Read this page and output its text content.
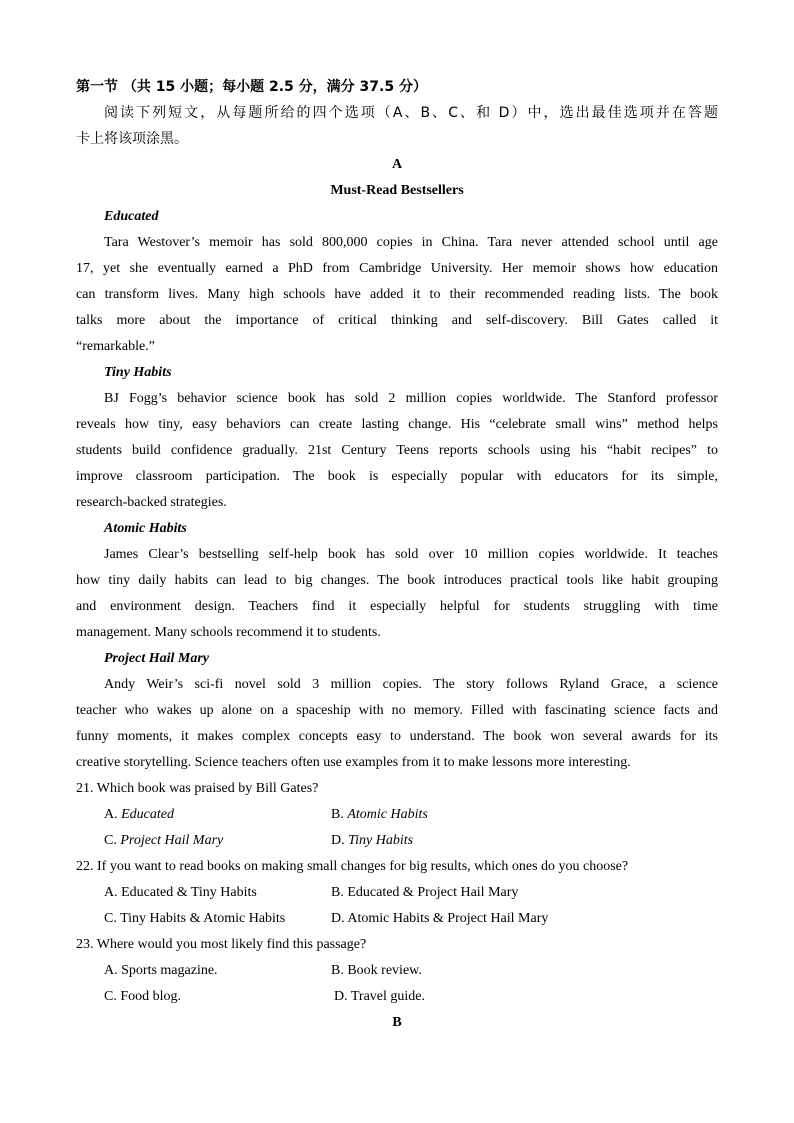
第一节 （共 15 小题；每小题 2.5 分，满分 37.5 分）
阅读下列短文，从每题所给的四个选项（A、B、C、和 D）中，选出最佳选项并在答题
卡上将该项涂黑。
A
Must-Read Bestsellers
Educated
Tara Westover’s memoir has sold 800,000 copies in China. Tara never attended school until age
17, yet she eventually earned a PhD from Cambridge University. Her memoir shows how education
can transform lives. Many high schools have added it to their recommended reading lists. The book
talks more about the importance of critical thinking and self-discovery. Bill Gates called it
“remarkable.”
Tiny Habits
BJ Fogg’s behavior science book has sold 2 million copies worldwide. The Stanford professor
reveals how tiny, easy behaviors can create lasting change. His “celebrate small wins” method helps
students build confidence gradually. 21st Century Teens reports schools using his “habit recipes” to
improve classroom participation. The book is especially popular with educators for its simple,
research-backed strategies.
Atomic Habits
James Clear’s bestselling self-help book has sold over 10 million copies worldwide. It teaches
how tiny daily habits can lead to big changes. The book introduces practical tools like habit grouping
and environment design. Teachers find it especially helpful for students struggling with time
management. Many schools recommend it to students.
Project Hail Mary
Andy Weir’s sci-fi novel sold 3 million copies. The story follows Ryland Grace, a science
teacher who wakes up alone on a spaceship with no memory. Filled with fascinating science facts and
funny moments, it makes complex concepts easy to understand. The book won several awards for its
creative storytelling. Science teachers often use examples from it to make lessons more interesting.
21. Which book was praised by Bill Gates?
A. Educated	B. Atomic Habits
C. Project Hail Mary	D. Tiny Habits
22. If you want to read books on making small changes for big results, which ones do you choose?
A. Educated & Tiny Habits	B. Educated & Project Hail Mary
C. Tiny Habits & Atomic Habits	D. Atomic Habits & Project Hail Mary
23. Where would you most likely find this passage?
A. Sports magazine.	B. Book review.
C. Food blog.	D. Travel guide.
B
